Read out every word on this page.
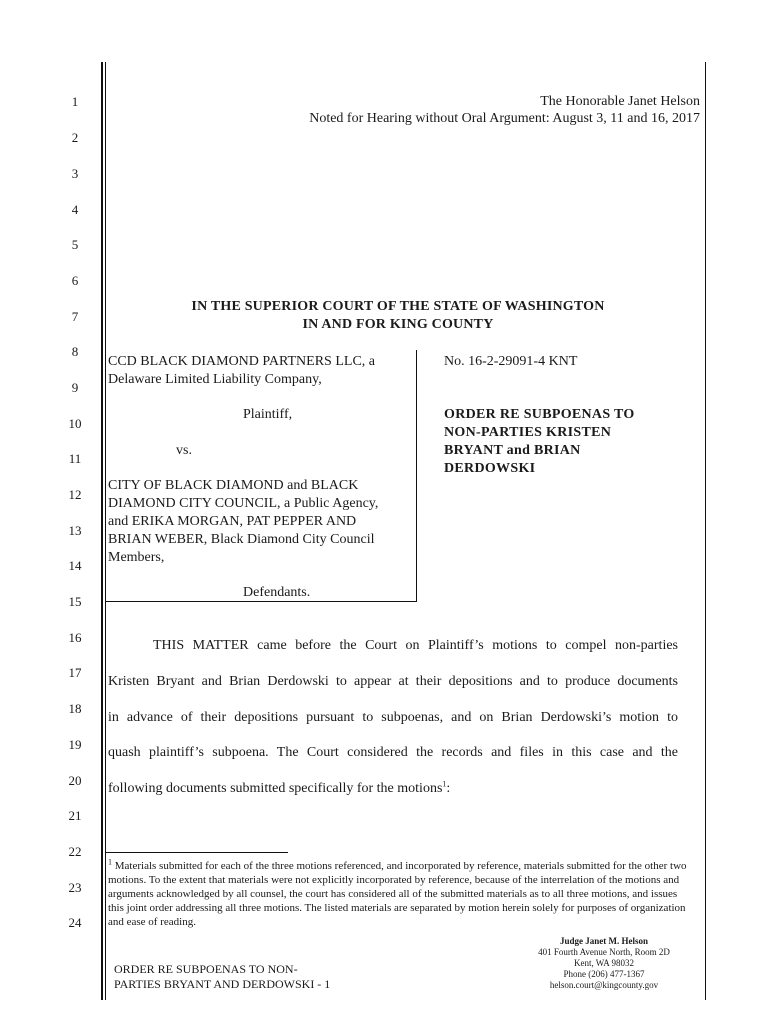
1
2
3
4
5
6
7
8
9
10
11
12
13
14
15
16
17
18
19
20
21
22
23
24
The Honorable Janet Helson
Noted for Hearing without Oral Argument: August 3, 11 and 16, 2017
IN THE SUPERIOR COURT OF THE STATE OF WASHINGTON
IN AND FOR KING COUNTY
CCD BLACK DIAMOND PARTNERS LLC, a
Delaware Limited Liability Company,
Plaintiff,
vs.
CITY OF BLACK DIAMOND and BLACK
DIAMOND CITY COUNCIL, a Public Agency,
and ERIKA MORGAN, PAT PEPPER AND
BRIAN WEBER, Black Diamond City Council
Members,
Defendants.
No. 16-2-29091-4 KNT
ORDER RE SUBPOENAS TO
NON-PARTIES KRISTEN
BRYANT and BRIAN
DERDOWSKI
THIS MATTER came before the Court on Plaintiff’s motions to compel non-parties
Kristen Bryant and Brian Derdowski to appear at their depositions and to produce documents
in advance of their depositions pursuant to subpoenas, and on Brian Derdowski’s motion to
quash plaintiff’s subpoena. The Court considered the records and files in this case and the
following documents submitted specifically for the motions$^1$:
$^1$ Materials submitted for each of the three motions referenced, and incorporated by reference, materials submitted for the other two motions. To the extent that materials were not explicitly incorporated by reference, because of the interrelation of the motions and arguments acknowledged by all counsel, the court has considered all of the submitted materials as to all three motions, and issues this joint order addressing all three motions. The listed materials are separated by motion herein solely for purposes of organization and ease of reading.
ORDER RE SUBPOENAS TO NON-
PARTIES BRYANT AND DERDOWSKI - 1
Judge Janet M. Helson
401 Fourth Avenue North, Room 2D
Kent, WA 98032
Phone (206) 477-1367
helson.court@kingcounty.gov
